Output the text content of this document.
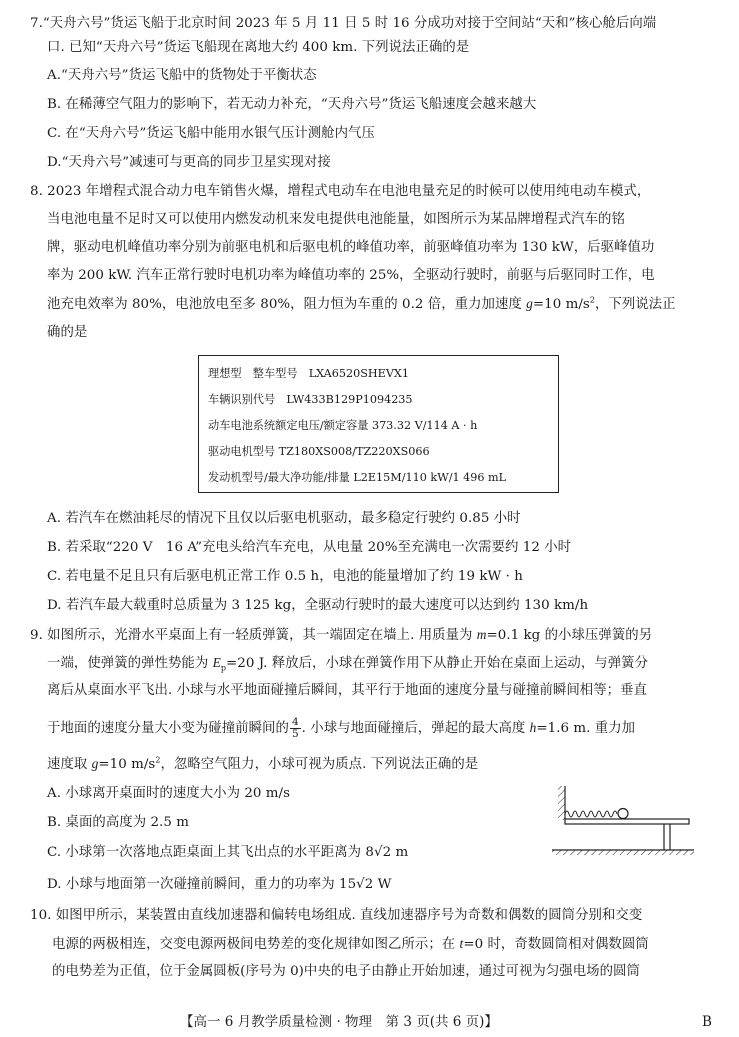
7.“天舟六号”货运飞船于北京时间 2023 年 5 月 11 日 5 时 16 分成功对接于空间站“天和”核心舱后向端
口. 已知“天舟六号”货运飞船现在离地大约 400 km. 下列说法正确的是
A.“天舟六号”货运飞船中的货物处于平衡状态
B. 在稀薄空气阻力的影响下，若无动力补充，“天舟六号”货运飞船速度会越来越大
C. 在“天舟六号”货运飞船中能用水银气压计测舱内气压
D.“天舟六号”减速可与更高的同步卫星实现对接
8. 2023 年增程式混合动力电车销售火爆，增程式电动车在电池电量充足的时候可以使用纯电动车模式，
当电池电量不足时又可以使用内燃发动机来发电提供电池能量，如图所示为某品牌增程式汽车的铭
牌，驱动电机峰值功率分别为前驱电机和后驱电机的峰值功率，前驱峰值功率为 130 kW，后驱峰值功
率为 200 kW. 汽车正常行驶时电机功率为峰值功率的 25%，全驱动行驶时，前驱与后驱同时工作，电
池充电效率为 80%，电池放电至多 80%，阻力恒为车重的 0.2 倍，重力加速度 g=10 $m/s^2$，下列说法正
确的是
理想型　整车型号　LXA6520SHEVX1
车辆识别代号　LW433B129P1094235
动车电池系统额定电压/额定容量 373.32 V/114 A · h
驱动电机型号 TZ180XS008/TZ220XS066
发动机型号/最大净功能/排量 L2E15M/110 kW/1 496 mL
A. 若汽车在燃油耗尽的情况下且仅以后驱电机驱动，最多稳定行驶约 0.85 小时
B. 若采取“220 V　16 A”充电头给汽车充电，从电量 20%至充满电一次需要约 12 小时
C. 若电量不足且只有后驱电机正常工作 0.5 h，电池的能量增加了约 19 kW · h
D. 若汽车最大载重时总质量为 3 125 kg，全驱动行驶时的最大速度可以达到约 130 km/h
9. 如图所示，光滑水平桌面上有一轻质弹簧，其一端固定在墙上. 用质量为 m=0.1 kg 的小球压弹簧的另
一端，使弹簧的弹性势能为 $E_p=20$ J. 释放后，小球在弹簧作用下从静止开始在桌面上运动，与弹簧分
离后从桌面水平飞出. 小球与水平地面碰撞后瞬间，其平行于地面的速度分量与碰撞前瞬间相等；垂直
于地面的速度分量大小变为碰撞前瞬间的 $\frac{4}{5}$ . 小球与地面碰撞后，弹起的最大高度 h=1.6 m. 重力加
速度取 g=10 $m/s^2$，忽略空气阻力，小球可视为质点. 下列说法正确的是
A. 小球离开桌面时的速度大小为 20 m/s
B. 桌面的高度为 2.5 m
C. 小球第一次落地点距桌面上其飞出点的水平距离为 8√2 m
D. 小球与地面第一次碰撞前瞬间，重力的功率为 15√2 W
10. 如图甲所示，某装置由直线加速器和偏转电场组成. 直线加速器序号为奇数和偶数的圆筒分别和交变
电源的两极相连，交变电源两极间电势差的变化规律如图乙所示；在 t=0 时，奇数圆筒相对偶数圆筒
的电势差为正值，位于金属圆板(序号为 0)中央的电子由静止开始加速，通过可视为匀强电场的圆筒
【高一 6 月教学质量检测 · 物理　第 3 页(共 6 页)】	B
